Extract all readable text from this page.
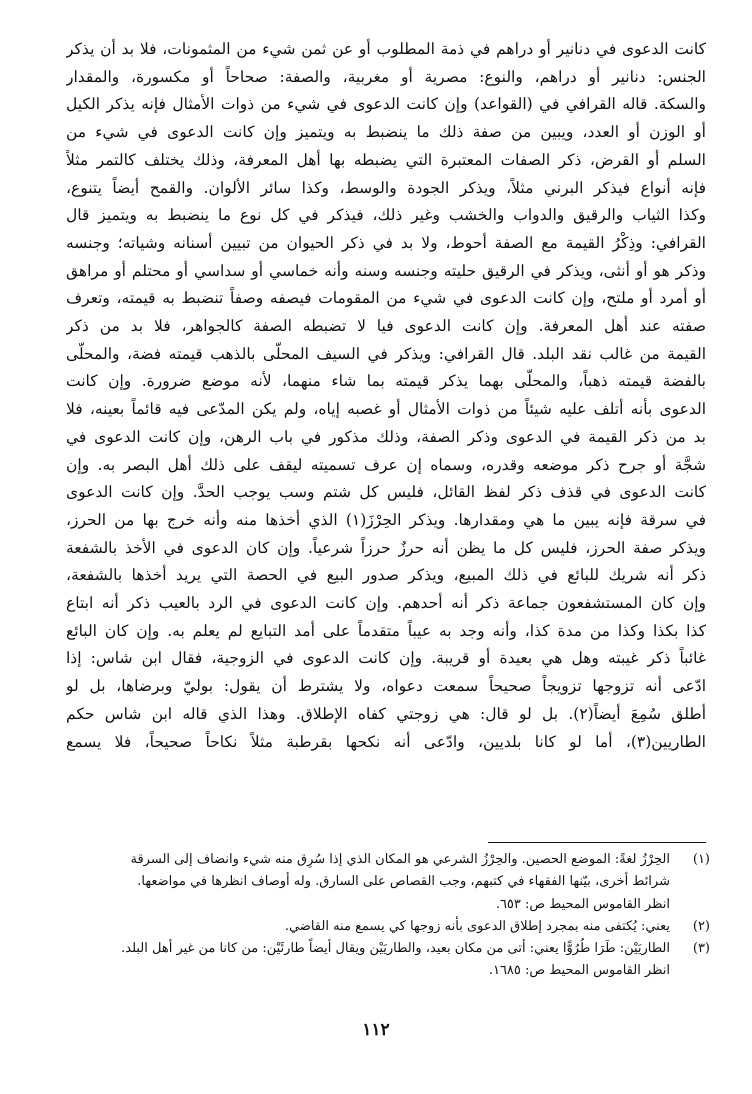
كانت الدعوى في دنانير أو دراهم في ذمة المطلوب أو عن ثمن شيء من المثمونات، فلا بد أن يذكر
الجنس: دنانير أو دراهم، والنوع: مصرية أو مغربية، والصفة: صحاحاً أو مكسورة، والمقدار
والسكة. قاله القرافي في (القواعد) وإن كانت الدعوى في شيء من ذوات الأمثال فإنه يذكر الكيل
أو الوزن أو العدد، ويبين من صفة ذلك ما ينضبط به ويتميز وإن كانت الدعوى في شيء من
السلم أو القرض، ذكر الصفات المعتبرة التي يضبطه بها أهل المعرفة، وذلك يختلف كالتمر مثلاً
فإنه أنواع فيذكر البرني مثلاً، ويذكر الجودة والوسط، وكذا سائر الألوان. والقمح أيضاً يتنوع،
وكذا الثياب والرقيق والدواب والخشب وغير ذلك، فيذكر في كل نوع ما ينضبط به ويتميز قال
القرافي: وذِكْرُ القيمة مع الصفة أحوط، ولا بد في ذكر الحيوان من تبيين أسنانه وشياته؛ وجنسه
وذكر هو أو أنثى، ويذكر في الرقيق حليته وجنسه وسنه وأنه خماسي أو سداسي أو محتلم أو مراهق
أو أمرد أو ملتح، وإن كانت الدعوى في شيء من المقومات فيصفه وصفاً تنضبط به قيمته، وتعرف
صفته عند أهل المعرفة. وإن كانت الدعوى فيا لا تضبطه الصفة كالجواهر، فلا بد من ذكر
القيمة من غالب نقد البلد. قال القرافي: ويذكر في السيف المحلّى بالذهب قيمته فضة، والمحلّى
بالفضة قيمته ذهباً، والمحلّى بهما يذكر قيمته بما شاء منهما، لأنه موضع ضرورة. وإن كانت
الدعوى بأنه أتلف عليه شيئاً من ذوات الأمثال أو غصبه إياه، ولم يكن المدّعى فيه قائماً بعينه، فلا
بد من ذكر القيمة في الدعوى وذكر الصفة، وذلك مذكور في باب الرهن، وإن كانت الدعوى في
شجَّة أو جرح ذكر موضعه وقدره، وسماه إن عرف تسميته ليقف على ذلك أهل البصر به. وإن
كانت الدعوى في قذف ذكر لفظ القائل، فليس كل شتم وسب يوجب الحدَّ. وإن كانت الدعوى
في سرقة فإنه يبين ما هي ومقدارها. ويذكر الحِرْزَ(١) الذي أخذها منه وأنه خرج بها من الحرز،
ويذكر صفة الحرز، فليس كل ما يظن أنه حرزٌ حرزاً شرعياً. وإن كان الدعوى في الأخذ بالشفعة
ذكر أنه شريك للبائع في ذلك المبيع، ويذكر صدور البيع في الحصة التي يريد أخذها بالشفعة،
وإن كان المستشفعون جماعة ذكر أنه أحدهم. وإن كانت الدعوى في الرد بالعيب ذكر أنه ابتاع
كذا بكذا وكذا من مدة كذا، وأنه وجد به عيباً متقدماً على أمد التبايع لم يعلم به. وإن كان البائع
غائباً ذكر غيبته وهل هي بعيدة أو قريبة. وإن كانت الدعوى في الزوجية، فقال ابن شاس: إذا
ادّعى أنه تزوجها تزويجاً صحيحاً سمعت دعواه، ولا يشترط أن يقول: بوليّ وبرضاها، بل لو
أطلق سُمِعَ أيضاً(٢). بل لو قال: هي زوجتي كفاه الإطلاق. وهذا الذي قاله ابن شاس حكم
الطاريين(٣)، أما لو كانا بلديين، وادّعى أنه نكحها بقرطبة مثلاً نكاحاً صحيحاً، فلا يسمع
(١)
الحِرْزُ لغةً: الموضع الحصين. والحِرْزُ الشرعي هو المكان الذي إذا سُرِق منه شيء وانضاف إلى السرقة
شرائط أخرى، بيّنها الفقهاء في كتبهم، وجب القصاص على السارق. وله أوصاف انظرها في مواضعها.
انظر القاموس المحيط ص: ٦٥٣.
(٢)
يعني: يُكتفى منه بمجرد إطلاق الدعوى بأنه زوجها كي يسمع منه القاضي.
(٣)
الطاريَيْن: طَرَا طُرُوًّا يعني: أتى من مكان بعيد، والطاريَيْن ويقال أيضاً طارئَيْن: من كانا من غير أهل البلد.
انظر القاموس المحيط ص: ١٦٨٥.
١١٢
